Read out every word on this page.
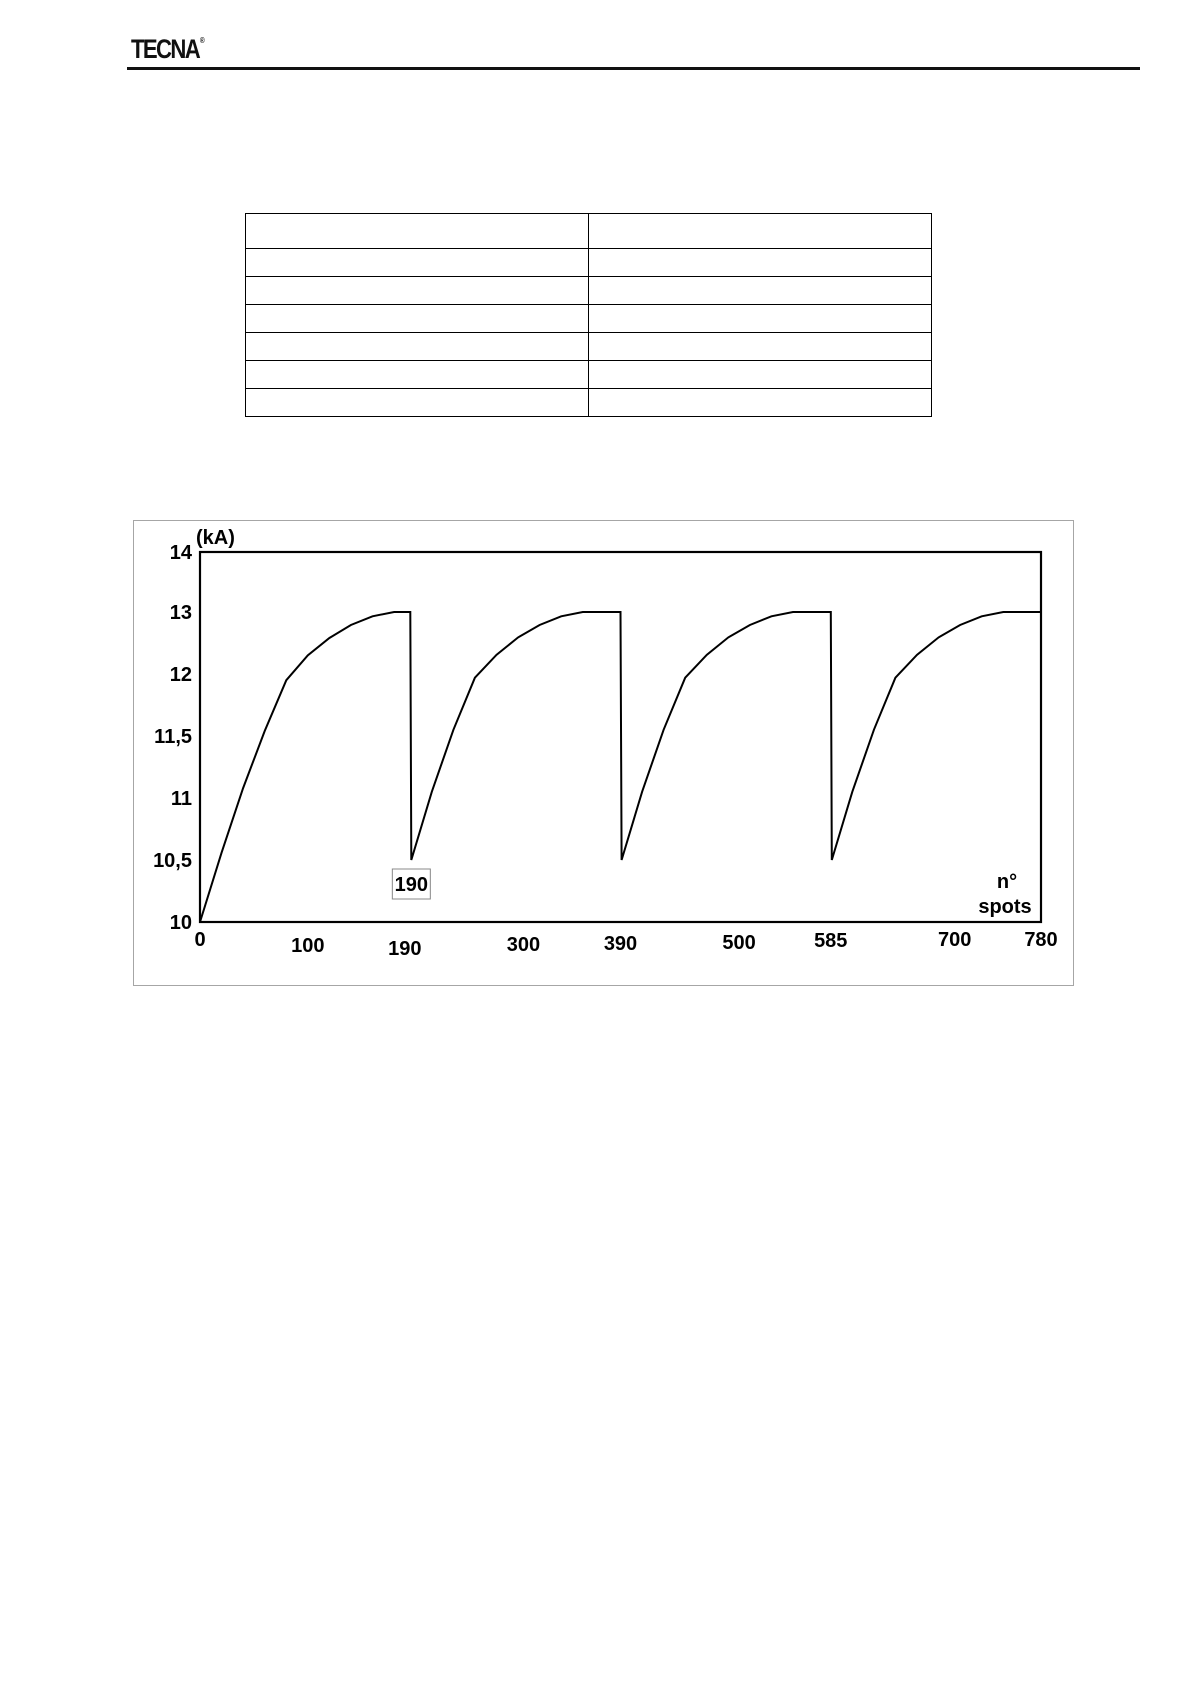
TECNA®

14
13
12
11,5
11
10,5
10
0	100	190	300	390	500	585	700	780
(kA)
n°
spots
190
